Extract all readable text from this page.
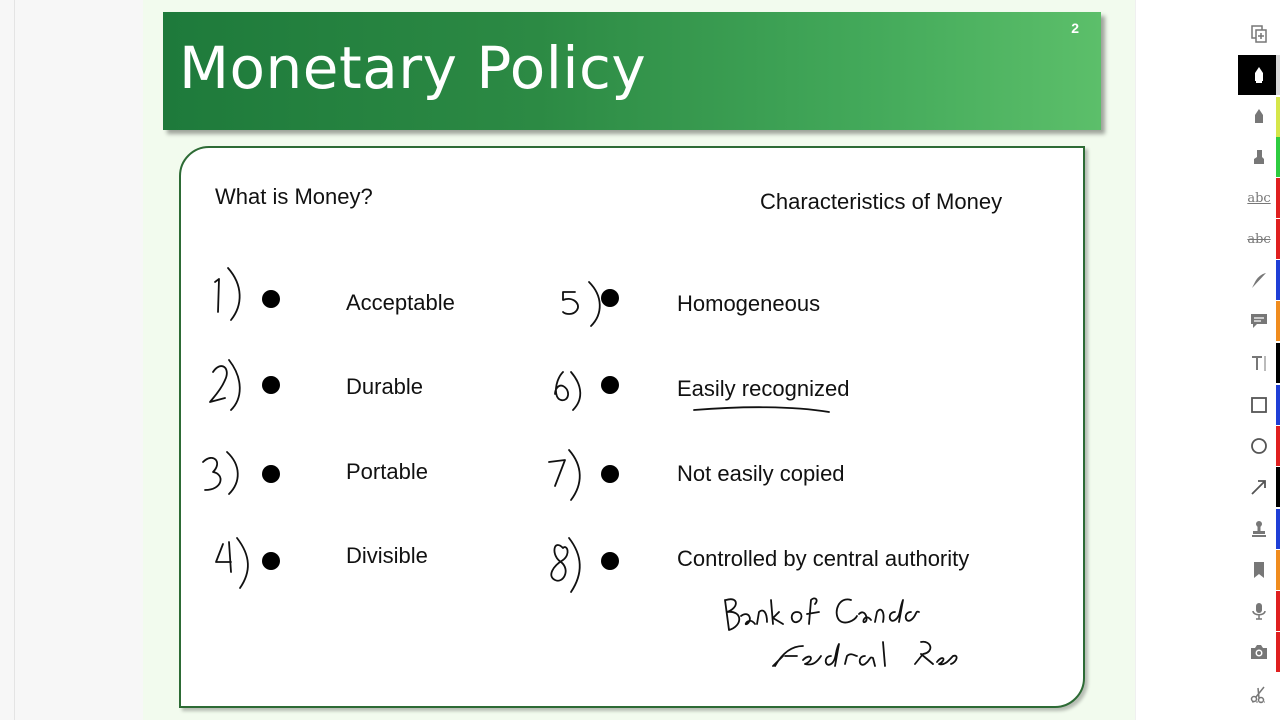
Monetary Policy
2
What is Money?	Characteristics of Money
Acceptable
Durable
Portable
Divisible
Homogeneous
Easily recognized
Not easily copied
Controlled by central authority
abc
abc
